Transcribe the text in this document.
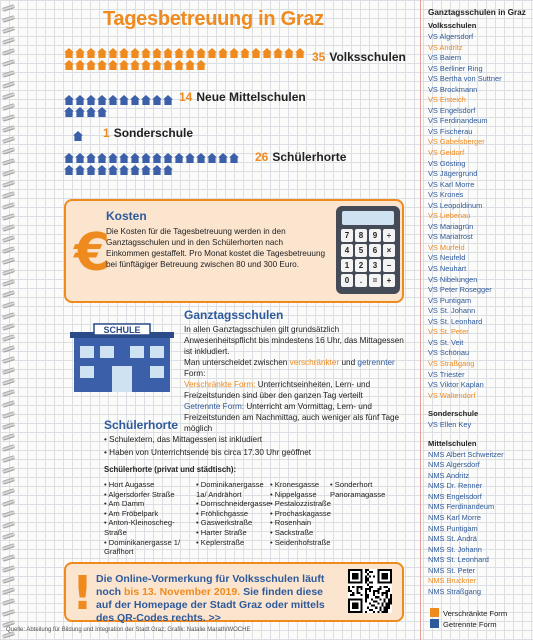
Tagesbetreuung in Graz
35 Volksschulen
14 Neue Mittelschulen
1 Sonderschule
26 Schülerhorte
€
Kosten
Die Kosten für die Tagesbetreuung werden in den Ganztagsschulen und in den Schülerhorten nach Einkommen gestaffelt. Pro Monat kostet die Tagesbetreuung bei fünftägiger Betreuung zwischen 80 und 300 Euro.
7	8	9	÷
4	5	6	×
1	2	3	−
0	.	=	+
SCHULE
Ganztagsschulen
In allen Ganztagsschulen gilt grundsätzlich Anwesenheitspflicht bis mindestens 16 Uhr, das Mittagessen ist inkludiert.
Man unterscheidet zwischen verschränkter und getrennter Form:
Verschränkte Form: Unterrichtseinheiten, Lern- und Freizeitstunden sind über den ganzen Tag verteilt
Getrennte Form: Unterricht am Vormittag, Lern- und Freizeitstunden am Nachmittag, auch weniger als fünf Tage möglich
Schülerhorte
• Schulextern, das Mittagessen ist inkludiert
• Haben von Unterrichtsende bis circa 17.30 Uhr geöffnet
Schülerhorte (privat und städtisch):
• Hort Augasse
• Algersdorfer Straße
• Am Damm
• Am Fröbelpark
• Anton-Kleinoscheg-Straße
• Dominikanergasse 1/ Graflhort
• Dominikanergasse 1a/ Andrähort
• Dornschneidergasse
• Fröhlichgasse
• Gaswerkstraße
• Harter Straße
• Keplerstraße
• Kronesgasse
• Nippelgasse
• Pestalozzistraße
• Prochaskagasse
• Rosenhain
• Sackstraße
• Seidenhofstraße
• Sonderhort Panoramagasse
! Die Online-Vormerkung für Volksschulen läuft noch bis 13. November 2019. Sie finden diese auf der Homepage der Stadt Graz oder mittels des QR-Codes rechts. >>
Quelle: Abteilung für Bildung und Integration der Stadt Graz; Grafik: Natalie Marath/WOCHE
Ganztagsschulen in Graz
Volksschulen
VS Algersdorf
VS Andritz
VS Baiern
VS Berliner Ring
VS Bertha von Suttner
VS Brockmann
VS Eisteich
VS Engelsdorf
VS Ferdinandeum
VS Fischerau
VS Gabelsberger
VS Geidorf
VS Gösting
VS Jägergrund
VS Karl Morre
VS Krones
VS Leopoldinum
VS Liebenau
VS Mariagrün
VS Mariatrost
VS Murfeld
VS Neufeld
VS Neuhart
VS Nibelungen
VS Peter Rosegger
VS Puntigam
VS St. Johann
VS St. Leonhard
VS St. Peter
VS St. Veit
VS Schönau
VS Straßgang
VS Triester
VS Viktor Kaplan
VS Waltendorf
Sonderschule
VS Ellen Key
Mittelschulen
NMS Albert Schweitzer
NMS Algersdorf
NMS Andritz
NMS Dr. Renner
NMS Engelsdorf
NMS Ferdinandeum
NMS Karl Morre
NMS Puntigam
NMS St. Andrä
NMS St. Johann
NMS St. Leonhard
NMS St. Peter
NMS Bruckner
NMS Straßgang
Verschränkte Form
Getrennte Form
